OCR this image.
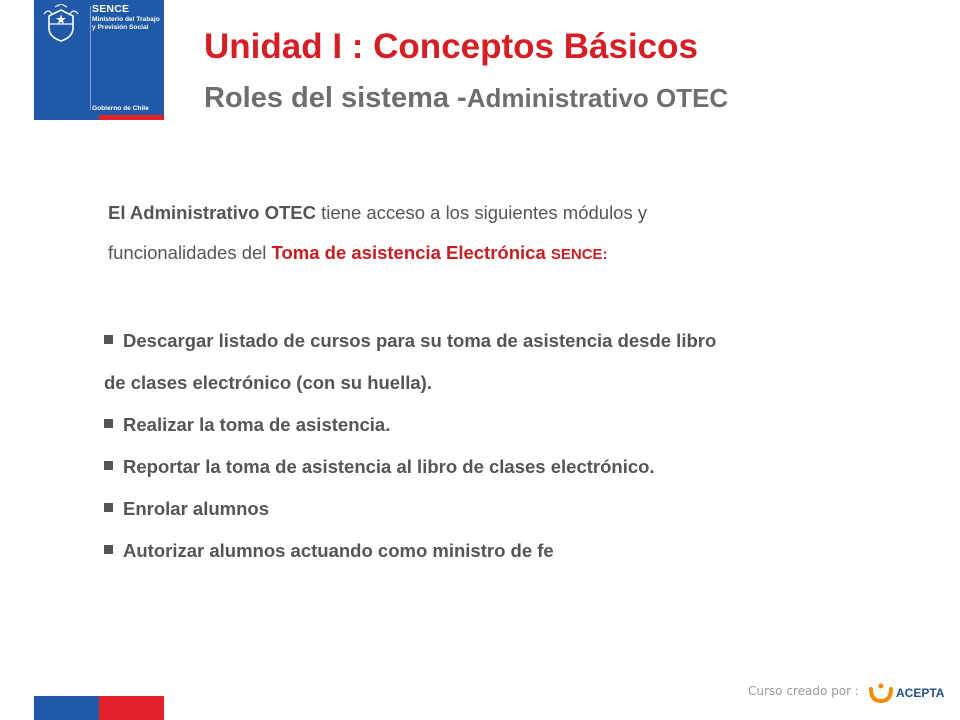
SENCE
Ministerio del Trabajo y Previsión Social
Gobierno de Chile
Unidad I : Conceptos Básicos
Roles del sistema -Administrativo OTEC
El Administrativo OTEC tiene acceso a los siguientes módulos y
funcionalidades del Toma de asistencia Electrónica SENCE:
Descargar listado de cursos para su toma de asistencia desde libro
de clases electrónico (con su huella).
Realizar la toma de asistencia.
Reportar la toma de asistencia al libro de clases electrónico.
Enrolar alumnos
Autorizar alumnos actuando como ministro de fe
Curso creado por :	ACEPTA
